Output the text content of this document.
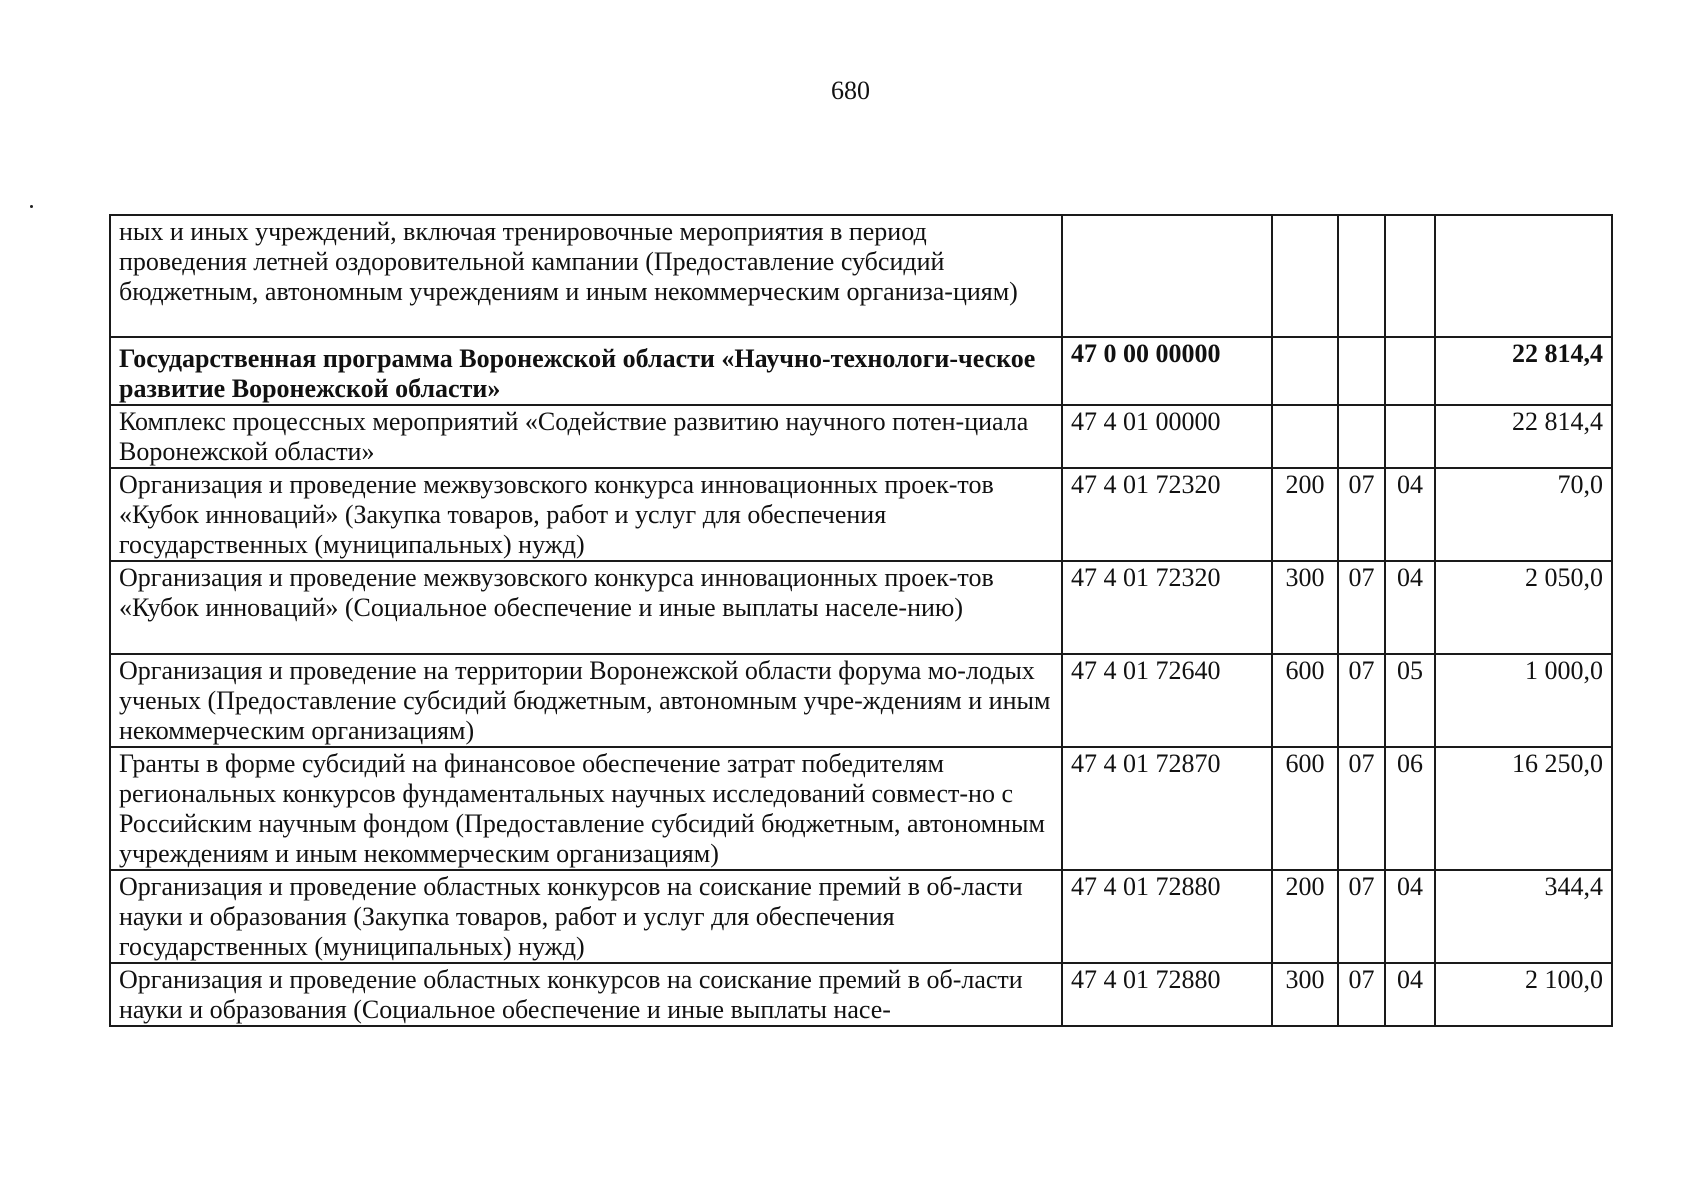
680
ных и иных учреждений, включая тренировочные мероприятия в период проведения летней оздоровительной кампании (Предоставление субсидий бюджетным, автономным учреждениям и иным некоммерческим организа-циям)					
Государственная программа Воронежской области «Научно-технологи-ческое развитие Воронежской области»	47 0 00 00000				22 814,4
Комплекс процессных мероприятий «Содействие развитию научного потен-циала Воронежской области»	47 4 01 00000				22 814,4
Организация и проведение межвузовского конкурса инновационных проек-тов «Кубок инноваций» (Закупка товаров, работ и услуг для обеспечения государственных (муниципальных) нужд)	47 4 01 72320	200	07	04	70,0
Организация и проведение межвузовского конкурса инновационных проек-тов «Кубок инноваций» (Социальное обеспечение и иные выплаты населе-нию)	47 4 01 72320	300	07	04	2 050,0
Организация и проведение на территории Воронежской области форума мо-лодых ученых (Предоставление субсидий бюджетным, автономным учре-ждениям и иным некоммерческим организациям)	47 4 01 72640	600	07	05	1 000,0
Гранты в форме субсидий на финансовое обеспечение затрат победителям региональных конкурсов фундаментальных научных исследований совмест-но с Российским научным фондом (Предоставление субсидий бюджетным, автономным учреждениям и иным некоммерческим организациям)	47 4 01 72870	600	07	06	16 250,0
Организация и проведение областных конкурсов на соискание премий в об-ласти науки и образования (Закупка товаров, работ и услуг для обеспечения государственных (муниципальных) нужд)	47 4 01 72880	200	07	04	344,4
Организация и проведение областных конкурсов на соискание премий в об-ласти науки и образования (Социальное обеспечение и иные выплаты насе-	47 4 01 72880	300	07	04	2 100,0
